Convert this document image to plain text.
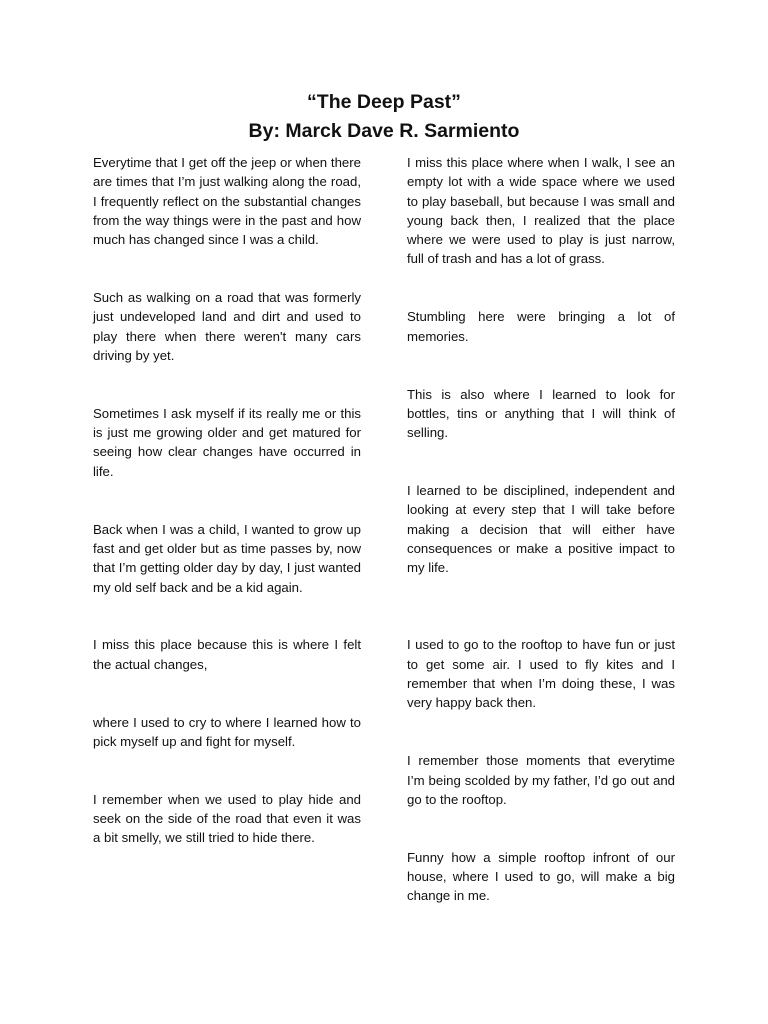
“The Deep Past”
By: Marck Dave R. Sarmiento

Everytime that I get off the jeep or when there are times that I’m just walking along the road, I frequently reflect on the substantial changes from the way things were in the past and how much has changed since I was a child.

Such as walking on a road that was formerly just undeveloped land and dirt and used to play there when there weren't many cars driving by yet.

Sometimes I ask myself if its really me or this is just me growing older and get matured for seeing how clear changes have occurred in life.

Back when I was a child, I wanted to grow up fast and get older but as time passes by, now that I’m getting older day by day, I just wanted my old self back and be a kid again.

I miss this place because this is where I felt the actual changes,

where I used to cry to where I learned how to pick myself up and fight for myself.

I remember when we used to play hide and seek on the side of the road that even it was a bit smelly, we still tried to hide there.

I miss this place where when I walk, I see an empty lot with a wide space where we used to play baseball, but because I was small and young back then, I realized that the place where we were used to play is just narrow, full of trash and has a lot of grass.

Stumbling here were bringing a lot of memories.

This is also where I learned to look for bottles, tins or anything that I will think of selling.

I learned to be disciplined, independent and looking at every step that I will take before making a decision that will either have consequences or make a positive impact to my life.

I used to go to the rooftop to have fun or just to get some air. I used to fly kites and I remember that when I’m doing these, I was very happy back then.

I remember those moments that everytime I’m being scolded by my father, I’d go out and go to the rooftop.

Funny how a simple rooftop infront of our house, where I used to go, will make a big change in me.
